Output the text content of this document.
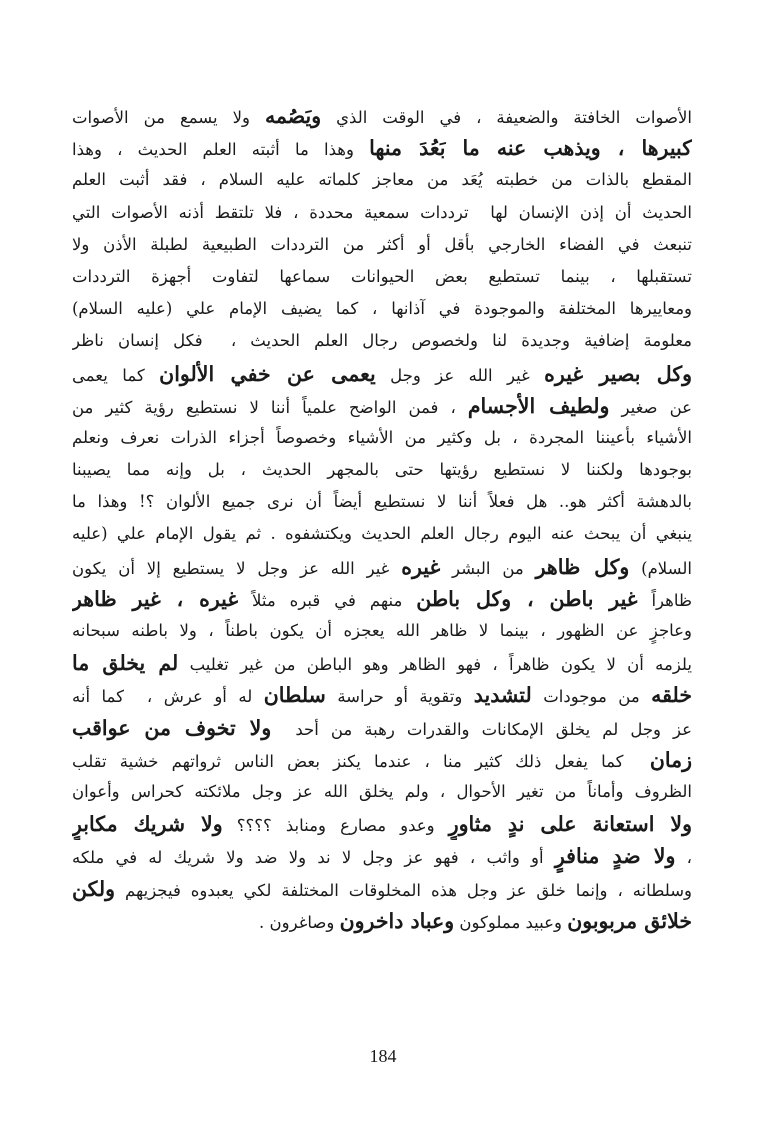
الأصوات الخافتة والضعيفة ، في الوقت الذي ويَصُمه ولا يسمع من الأصوات
كبيرها ، ويذهب عنه ما بَعُدَ منها وهذا ما أثبته العلم الحديث ، وهذا
المقطع بالذات من خطبته يُعَد من معاجز كلماته عليه السلام ، فقد أثبت العلم
الحديث أن إذن الإنسان لها  ترددات سمعية محددة ، فلا تلتقط أذنه الأصوات التي
تنبعث في الفضاء الخارجي بأقل أو أكثر من الترددات الطبيعية لطبلة الأذن ولا
تستقبلها ، بينما تستطيع بعض الحيوانات سماعها لتفاوت أجهزة الترددات
ومعاييرها المختلفة والموجودة في آذانها ، كما يضيف الإمام علي (عليه السلام)
معلومة إضافية وجديدة لنا ولخصوص رجال العلم الحديث ،  فكل إنسان ناظر
وكل بصير غيره غير الله عز وجل يعمى عن خفي الألوان كما يعمى
عن صغير ولطيف الأجسام ، فمن الواضح علمياً أننا لا نستطيع رؤية كثير من
الأشياء بأعيننا المجردة ، بل وكثير من الأشياء وخصوصاً أجزاء الذرات نعرف ونعلم
بوجودها ولكننا لا نستطيع رؤيتها حتى بالمجهر الحديث ، بل وإنه مما يصيبنا
بالدهشة أكثر هو.. هل فعلاً أننا لا نستطيع أيضاً أن نرى جميع الألوان ؟! وهذا ما
ينبغي أن يبحث عنه اليوم رجال العلم الحديث ويكتشفوه . ثم يقول الإمام علي (عليه
السلام) وكل ظاهر من البشر غيره غير الله عز وجل لا يستطيع إلا أن يكون
ظاهراً غير باطن ، وكل باطن منهم في قبره مثلاً غيره ، غير ظاهر
وعاجزٍ عن الظهور ، بينما لا ظاهر الله يعجزه أن يكون باطناً ، ولا باطنه سبحانه
يلزمه أن لا يكون ظاهراً ، فهو الظاهر وهو الباطن من غير تغليب لم يخلق ما
خلقه من موجودات لتشديد وتقوية أو حراسة سلطان له أو عرش ،  كما أنه
عز وجل لم يخلق الإمكانات والقدرات رهبة من أحد  ولا تخوف من عواقب
زمان  كما يفعل ذلك كثير منا ، عندما يكنز بعض الناس ثرواتهم خشية تقلب
الظروف وأماناً من تغير الأحوال ، ولم يخلق الله عز وجل ملائكته كحراس وأعوان
ولا استعانة على ندٍ مثاورٍ وعدو مصارع ومنابذ ؟؟؟؟ ولا شريك مكابرٍ
، ولا ضدٍ منافرٍ أو واثب ، فهو عز وجل لا ند ولا ضد ولا شريك له في ملكه
وسلطانه ، وإنما خلق عز وجل هذه المخلوقات المختلفة لكي يعبدوه فيجزيهم ولكن
خلائق مربوبون وعبيد مملوكون وعباد داخرون وصاغرون .
184
